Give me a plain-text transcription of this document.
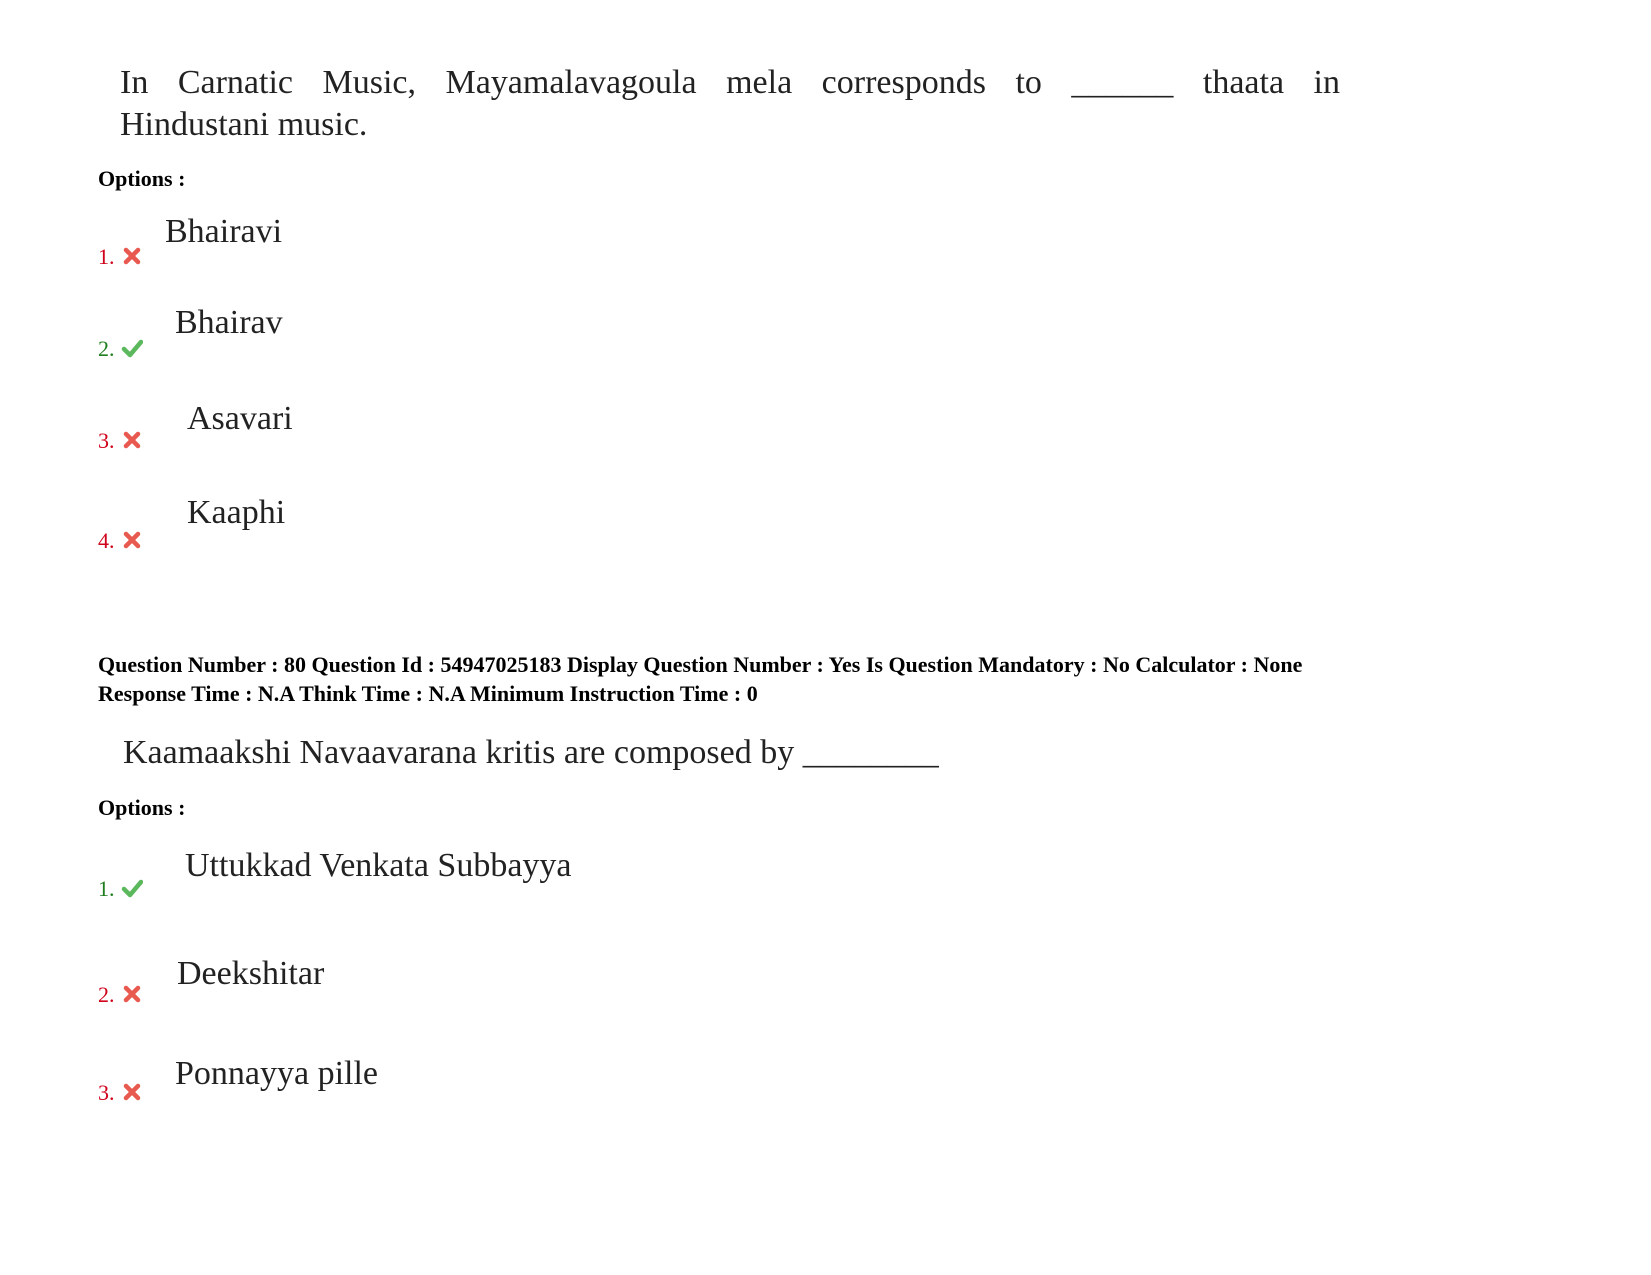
In Carnatic Music, Mayamalavagoula mela corresponds to ______ thaata in
Hindustani music.
Options :
1.
Bhairavi
2.
Bhairav
3.
Asavari
4.
Kaaphi
Question Number : 80 Question Id : 54947025183 Display Question Number : Yes Is Question Mandatory : No Calculator : None
Response Time : N.A Think Time : N.A Minimum Instruction Time : 0
Kaamaakshi Navaavarana kritis are composed by ________
Options :
1.
Uttukkad Venkata Subbayya
2.
Deekshitar
3.
Ponnayya pille
